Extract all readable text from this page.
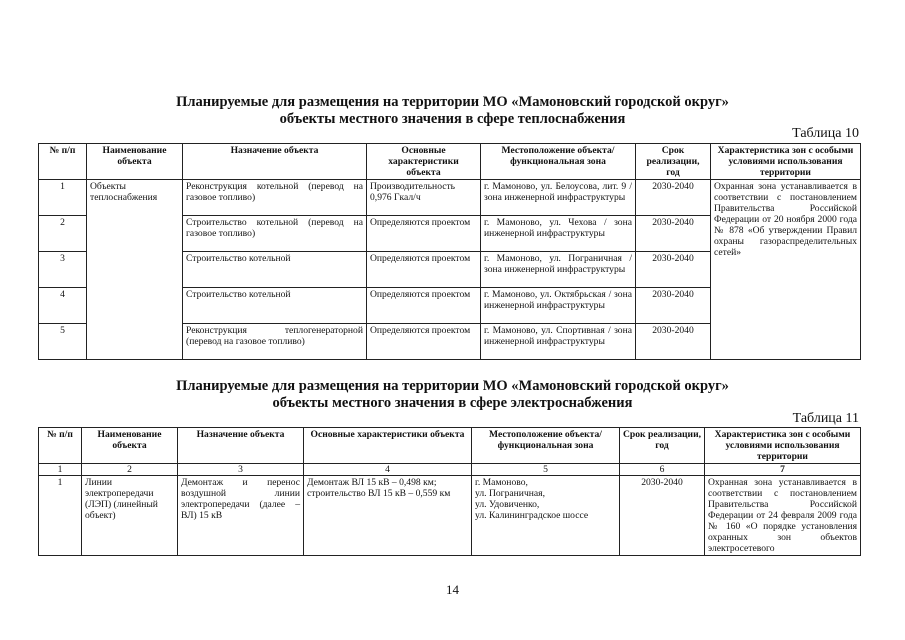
Планируемые для размещения на территории МО «Мамоновский городской округ»
объекты местного значения в сфере теплоснабжения
Таблица 10
№ п/п	Наименование объекта	Назначение объекта	Основные характеристики объекта	Местоположение объекта/ функциональная зона	Срок реализации, год	Характеристика зон с особыми условиями использования территории
1	Объекты теплоснабжения	Реконструкция котельной (перевод на газовое топливо)	Производительность 0,976 Гкал/ч	г. Мамоново, ул. Белоусова, лит. 9 / зона инженерной инфраструктуры	2030-2040	Охранная зона устанавливается в соответствии с постановлением Правительства Российской Федерации от 20 ноября 2000 года № 878 «Об утверждении Правил охраны газораспределительных сетей»
2		Строительство котельной (перевод на газовое топливо)	Определяются проектом	г. Мамоново, ул. Чехова / зона инженерной инфраструктуры	2030-2040	
3		Строительство котельной	Определяются проектом	г. Мамоново, ул. Пограничная / зона инженерной инфраструктуры	2030-2040	
4		Строительство котельной	Определяются проектом	г. Мамоново, ул. Октябрьская / зона инженерной инфраструктуры	2030-2040	
5		Реконструкция теплогенераторной (перевод на газовое топливо)	Определяются проектом	г. Мамоново, ул. Спортивная / зона инженерной инфраструктуры	2030-2040	
Планируемые для размещения на территории МО «Мамоновский городской округ»
объекты местного значения в сфере электроснабжения
Таблица 11
№ п/п	Наименование объекта	Назначение объекта	Основные характеристики объекта	Местоположение объекта/ функциональная зона	Срок реализации, год	Характеристика зон с особыми условиями использования территории
1	2	3	4	5	6	7
1	Линии электропередачи (ЛЭП) (линейный объект)	Демонтаж и перенос воздушной линии электропередачи (далее – ВЛ) 15 кВ	Демонтаж ВЛ 15 кВ – 0,498 км; строительство ВЛ 15 кВ – 0,559 км	г. Мамоново,
ул. Пограничная,
ул. Удовиченко,
ул. Калининградское шоссе	2030-2040	Охранная зона устанавливается в соответствии с постановлением Правительства Российской Федерации от 24 февраля 2009 года № 160 «О порядке установления охранных зон объектов электросетевого
14
